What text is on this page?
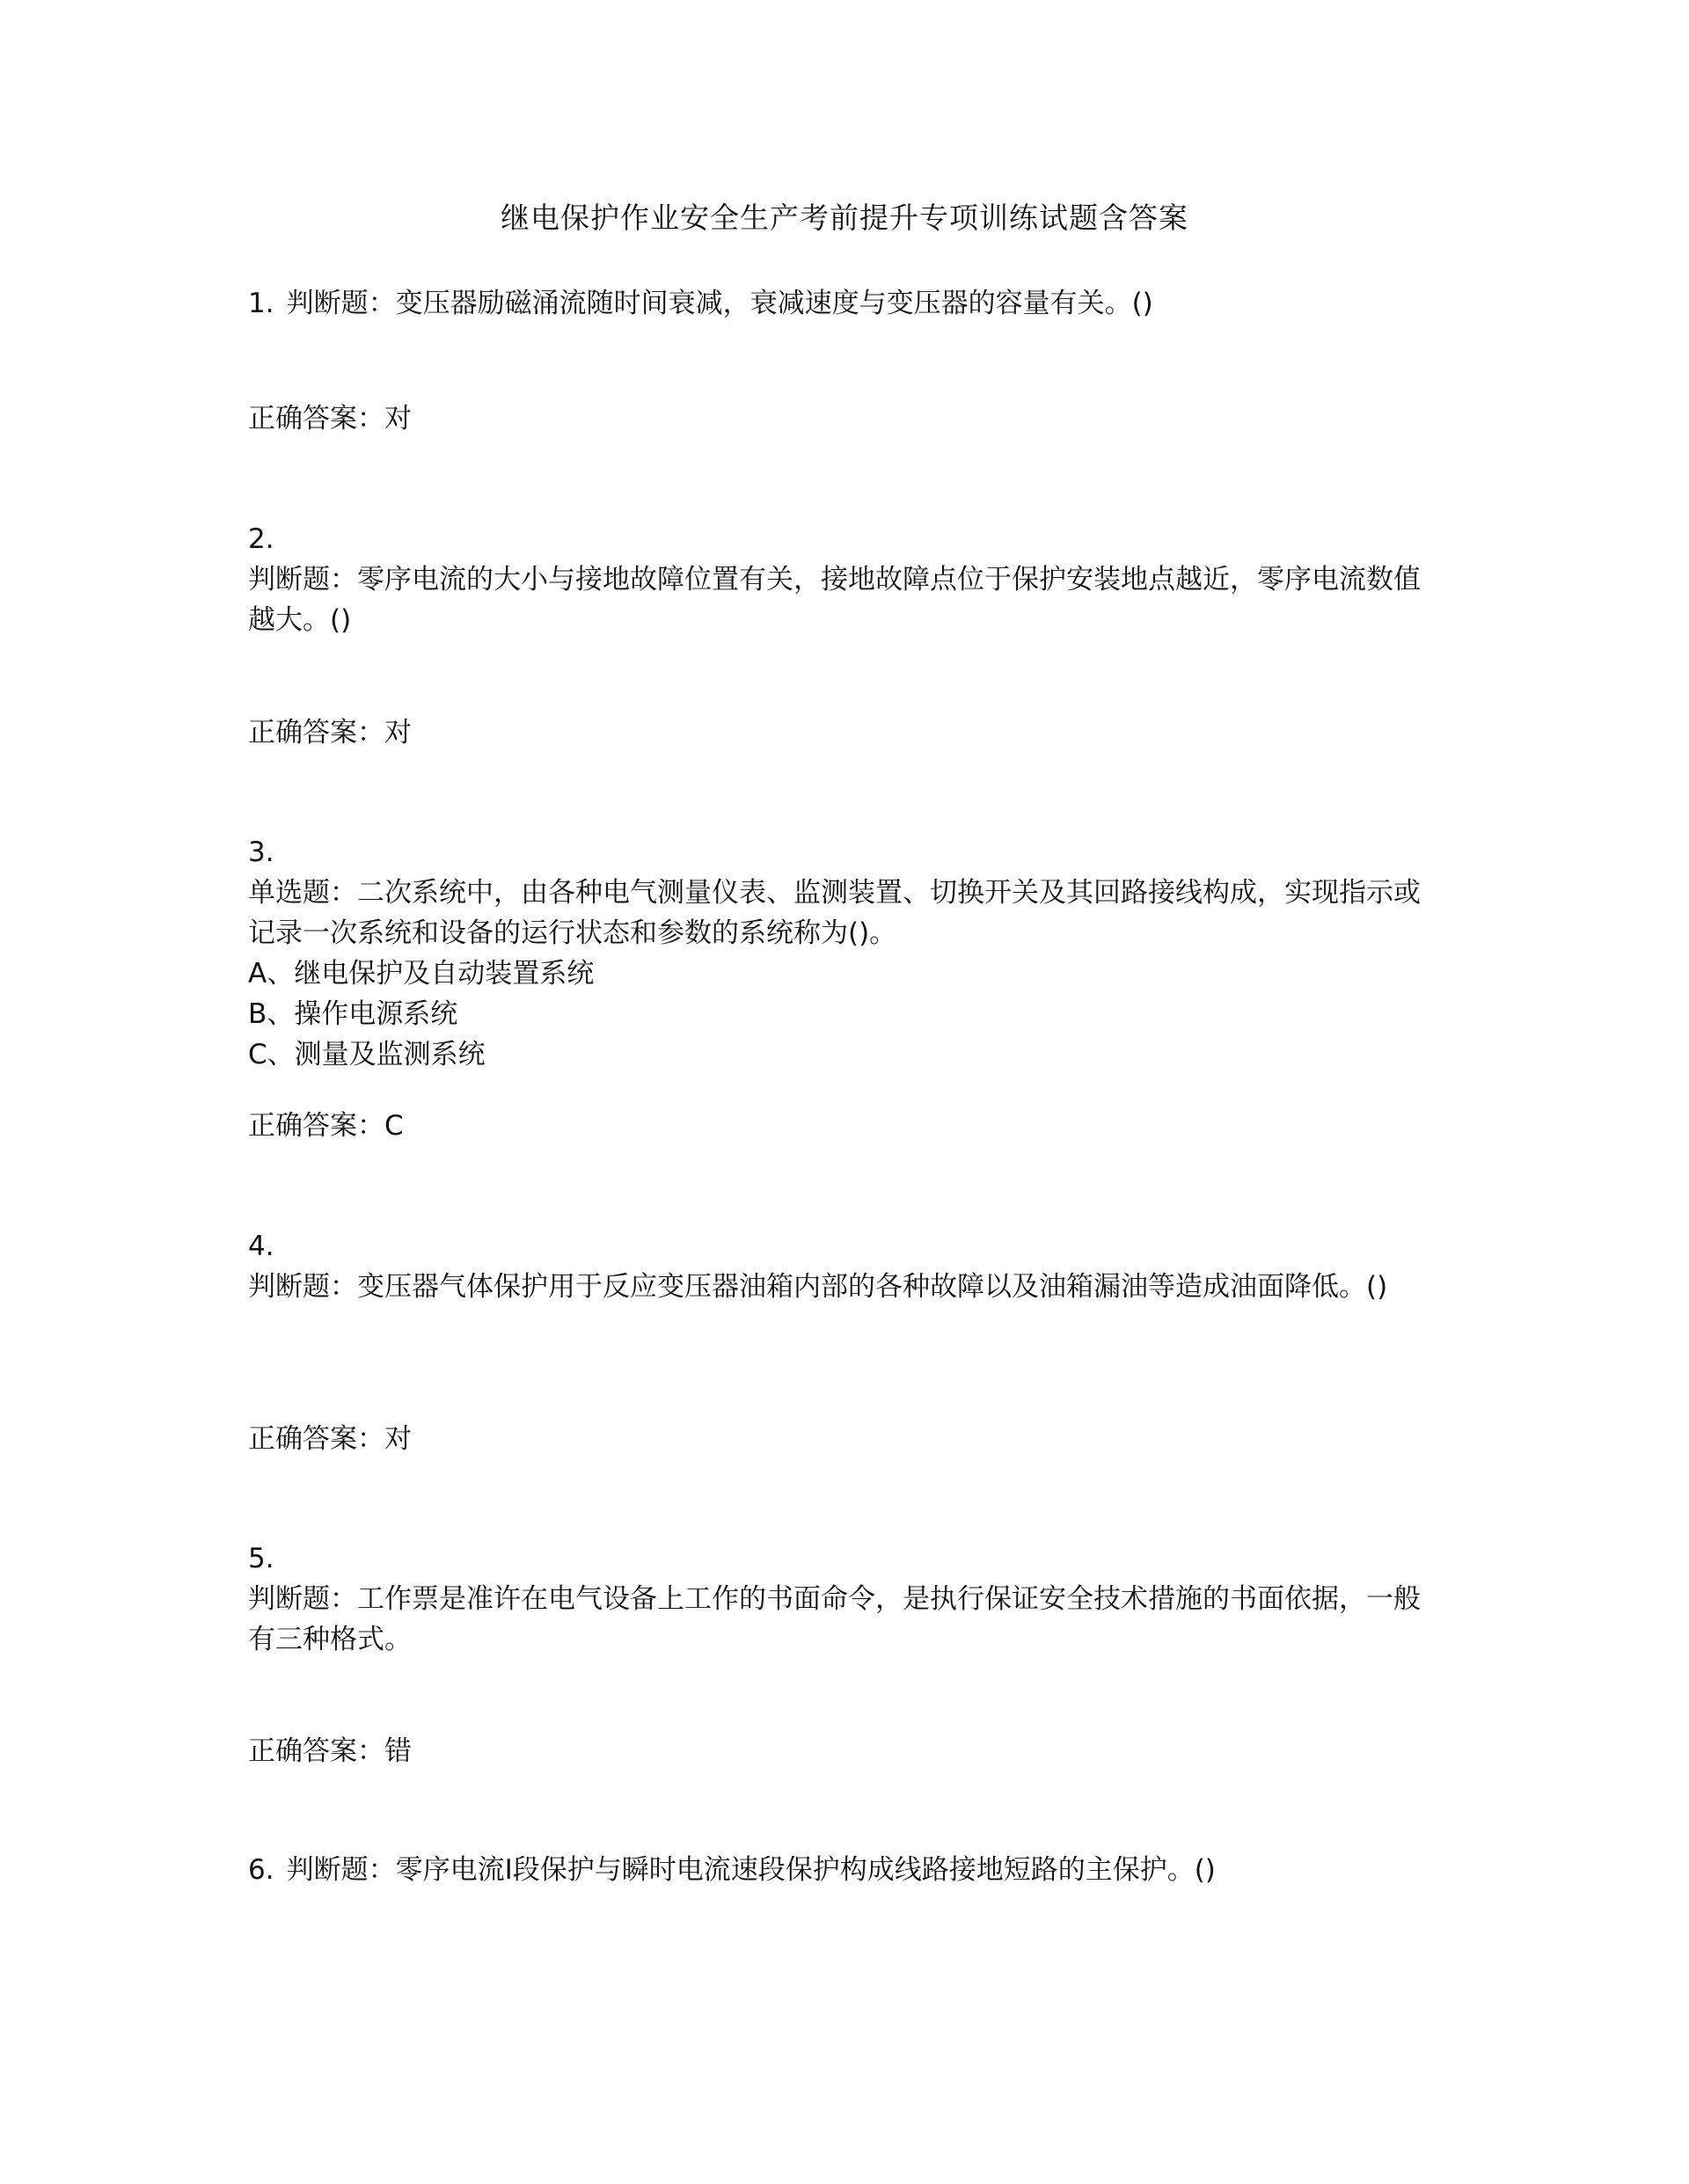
继电保护作业安全生产考前提升专项训练试题含答案
1. 判断题：变压器励磁涌流随时间衰减，衰减速度与变压器的容量有关。()
正确答案：对
2.
判断题：零序电流的大小与接地故障位置有关，接地故障点位于保护安装地点越近，零序电流数值越大。()
正确答案：对
3.
单选题：二次系统中，由各种电气测量仪表、监测装置、切换开关及其回路接线构成，实现指示或记录一次系统和设备的运行状态和参数的系统称为()。
A、继电保护及自动装置系统
B、操作电源系统
C、测量及监测系统
正确答案：C
4.
判断题：变压器气体保护用于反应变压器油箱内部的各种故障以及油箱漏油等造成油面降低。()
正确答案：对
5.
判断题：工作票是准许在电气设备上工作的书面命令，是执行保证安全技术措施的书面依据，一般有三种格式。
正确答案：错
6. 判断题：零序电流Ⅰ段保护与瞬时电流速段保护构成线路接地短路的主保护。()
